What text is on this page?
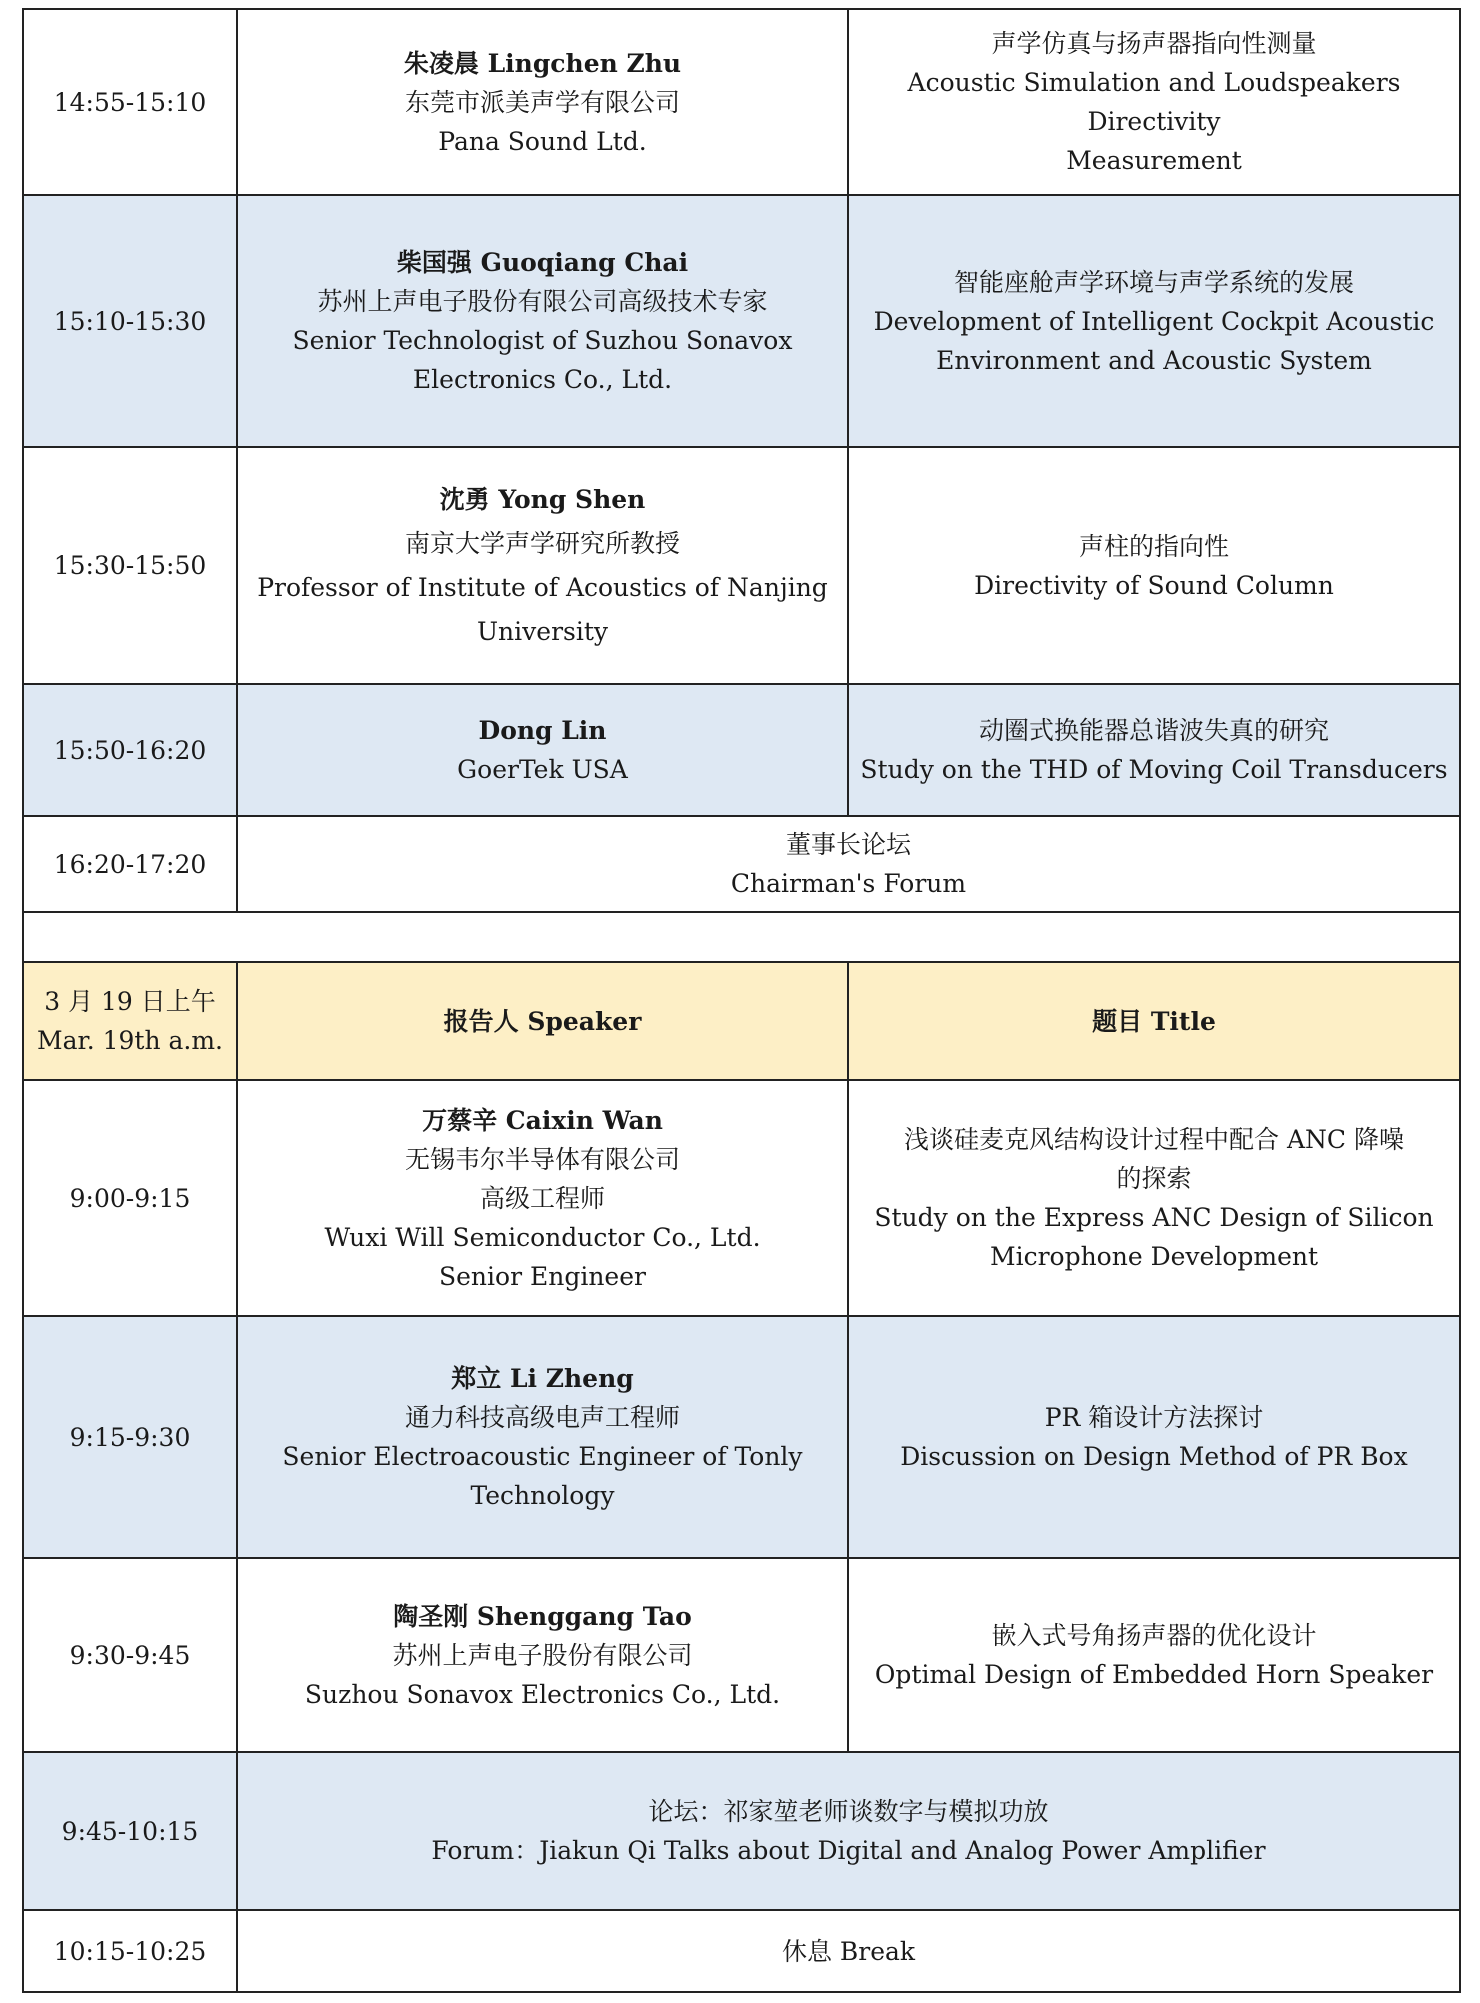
14:55-15:10	朱凌晨 Lingchen Zhu
东莞市派美声学有限公司
Pana Sound Ltd.	声学仿真与扬声器指向性测量
Acoustic Simulation and Loudspeakers Directivity
Measurement

15:10-15:30	柴国强 Guoqiang Chai
苏州上声电子股份有限公司高级技术专家
Senior Technologist of Suzhou Sonavox
Electronics Co., Ltd.	智能座舱声学环境与声学系统的发展
Development of Intelligent Cockpit Acoustic
Environment and Acoustic System

15:30-15:50	沈勇 Yong Shen
南京大学声学研究所教授
Professor of Institute of Acoustics of Nanjing
University	声柱的指向性
Directivity of Sound Column

15:50-16:20	Dong Lin
GoerTek USA	动圈式换能器总谐波失真的研究
Study on the THD of Moving Coil Transducers

16:20-17:20	董事长论坛
Chairman's Forum	

3 月 19 日上午
Mar. 19th a.m.	报告人 Speaker	题目 Title
9:00-9:15	万蔡辛 Caixin Wan
无锡韦尔半导体有限公司
高级工程师
Wuxi Will Semiconductor Co., Ltd.
Senior Engineer	浅谈硅麦克风结构设计过程中配合 ANC 降噪
的探索
Study on the Express ANC Design of Silicon
Microphone Development

9:15-9:30	郑立 Li Zheng
通力科技高级电声工程师
Senior Electroacoustic Engineer of Tonly
Technology	PR 箱设计方法探讨
Discussion on Design Method of PR Box

9:30-9:45	陶圣刚 Shenggang Tao
苏州上声电子股份有限公司
Suzhou Sonavox Electronics Co., Ltd.	嵌入式号角扬声器的优化设计
Optimal Design of Embedded Horn Speaker

9:45-10:15	论坛：祁家堃老师谈数字与模拟功放
Forum：Jiakun Qi Talks about Digital and Analog Power Amplifier	

10:15-10:25	休息 Break	
